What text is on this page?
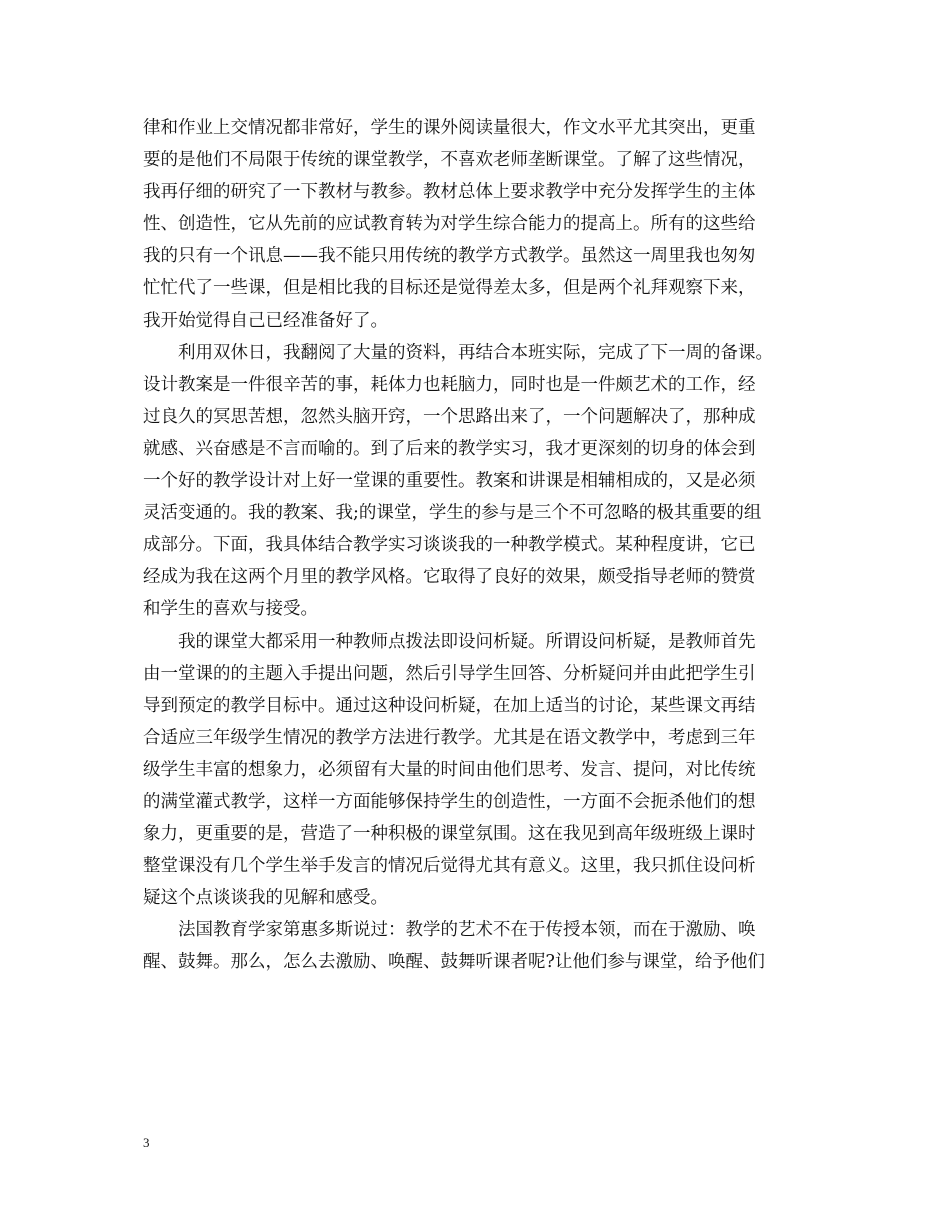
律和作业上交情况都非常好，学生的课外阅读量很大，作文水平尤其突出，更重
要的是他们不局限于传统的课堂教学，不喜欢老师垄断课堂。了解了这些情况，
我再仔细的研究了一下教材与教参。教材总体上要求教学中充分发挥学生的主体
性、创造性，它从先前的应试教育转为对学生综合能力的提高上。所有的这些给
我的只有一个讯息——我不能只用传统的教学方式教学。虽然这一周里我也匆匆
忙忙代了一些课，但是相比我的目标还是觉得差太多，但是两个礼拜观察下来，
我开始觉得自己已经准备好了。
利用双休日，我翻阅了大量的资料，再结合本班实际，完成了下一周的备课。
设计教案是一件很辛苦的事，耗体力也耗脑力，同时也是一件颇艺术的工作，经
过良久的冥思苦想，忽然头脑开窍，一个思路出来了，一个问题解决了，那种成
就感、兴奋感是不言而喻的。到了后来的教学实习，我才更深刻的切身的体会到
一个好的教学设计对上好一堂课的重要性。教案和讲课是相辅相成的，又是必须
灵活变通的。我的教案、我;的课堂，学生的参与是三个不可忽略的极其重要的组
成部分。下面，我具体结合教学实习谈谈我的一种教学模式。某种程度讲，它已
经成为我在这两个月里的教学风格。它取得了良好的效果，颇受指导老师的赞赏
和学生的喜欢与接受。
我的课堂大都采用一种教师点拨法即设问析疑。所谓设问析疑，是教师首先
由一堂课的的主题入手提出问题，然后引导学生回答、分析疑问并由此把学生引
导到预定的教学目标中。通过这种设问析疑，在加上适当的讨论，某些课文再结
合适应三年级学生情况的教学方法进行教学。尤其是在语文教学中，考虑到三年
级学生丰富的想象力，必须留有大量的时间由他们思考、发言、提问，对比传统
的满堂灌式教学，这样一方面能够保持学生的创造性，一方面不会扼杀他们的想
象力，更重要的是，营造了一种积极的课堂氛围。这在我见到高年级班级上课时
整堂课没有几个学生举手发言的情况后觉得尤其有意义。这里，我只抓住设问析
疑这个点谈谈我的见解和感受。
法国教育学家第惠多斯说过：教学的艺术不在于传授本领，而在于激励、唤
醒、鼓舞。那么，怎么去激励、唤醒、鼓舞听课者呢?让他们参与课堂，给予他们
3
